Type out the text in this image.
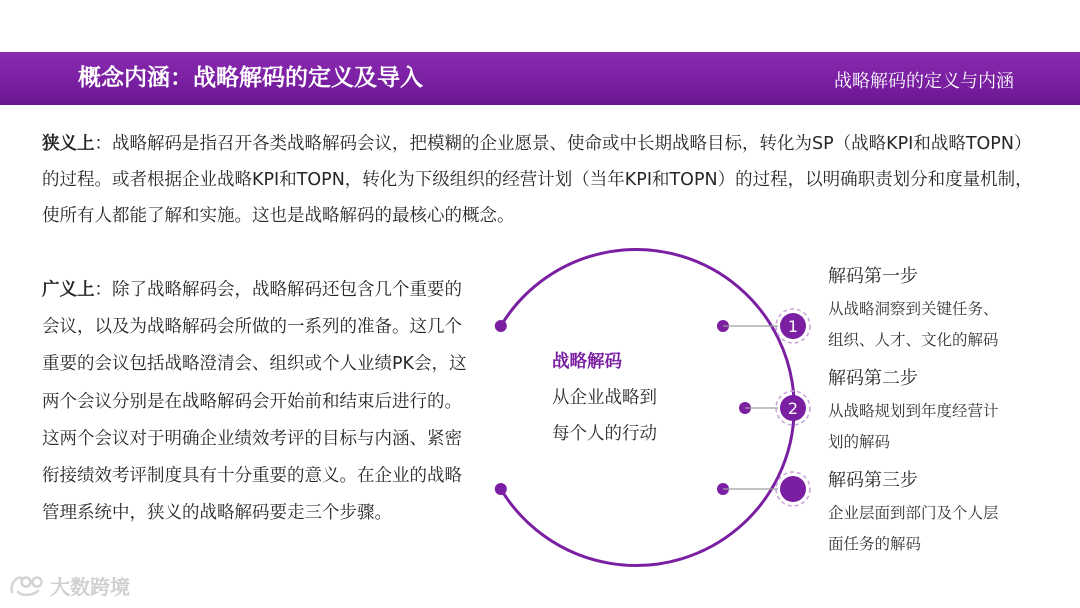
概念内涵：战略解码的定义及导入	战略解码的定义与内涵

狭义上：战略解码是指召开各类战略解码会议，把模糊的企业愿景、使命或中长期战略目标，转化为SP（战略KPI和战略TOPN）的过程。或者根据企业战略KPI和TOPN，转化为下级组织的经营计划（当年KPI和TOPN）的过程，以明确职责划分和度量机制，使所有人都能了解和实施。这也是战略解码的最核心的概念。

广义上：除了战略解码会，战略解码还包含几个重要的会议，以及为战略解码会所做的一系列的准备。这几个重要的会议包括战略澄清会、组织或个人业绩PK会，这两个会议分别是在战略解码会开始前和结束后进行的。这两个会议对于明确企业绩效考评的目标与内涵、紧密衔接绩效考评制度具有十分重要的意义。在企业的战略管理系统中，狭义的战略解码要走三个步骤。

1
2
战略解码
从企业战略到
每个人的行动
解码第一步
从战略洞察到关键任务、
组织、人才、文化的解码
解码第二步
从战略规划到年度经营计
划的解码
解码第三步
企业层面到部门及个人层
面任务的解码
大数跨境
